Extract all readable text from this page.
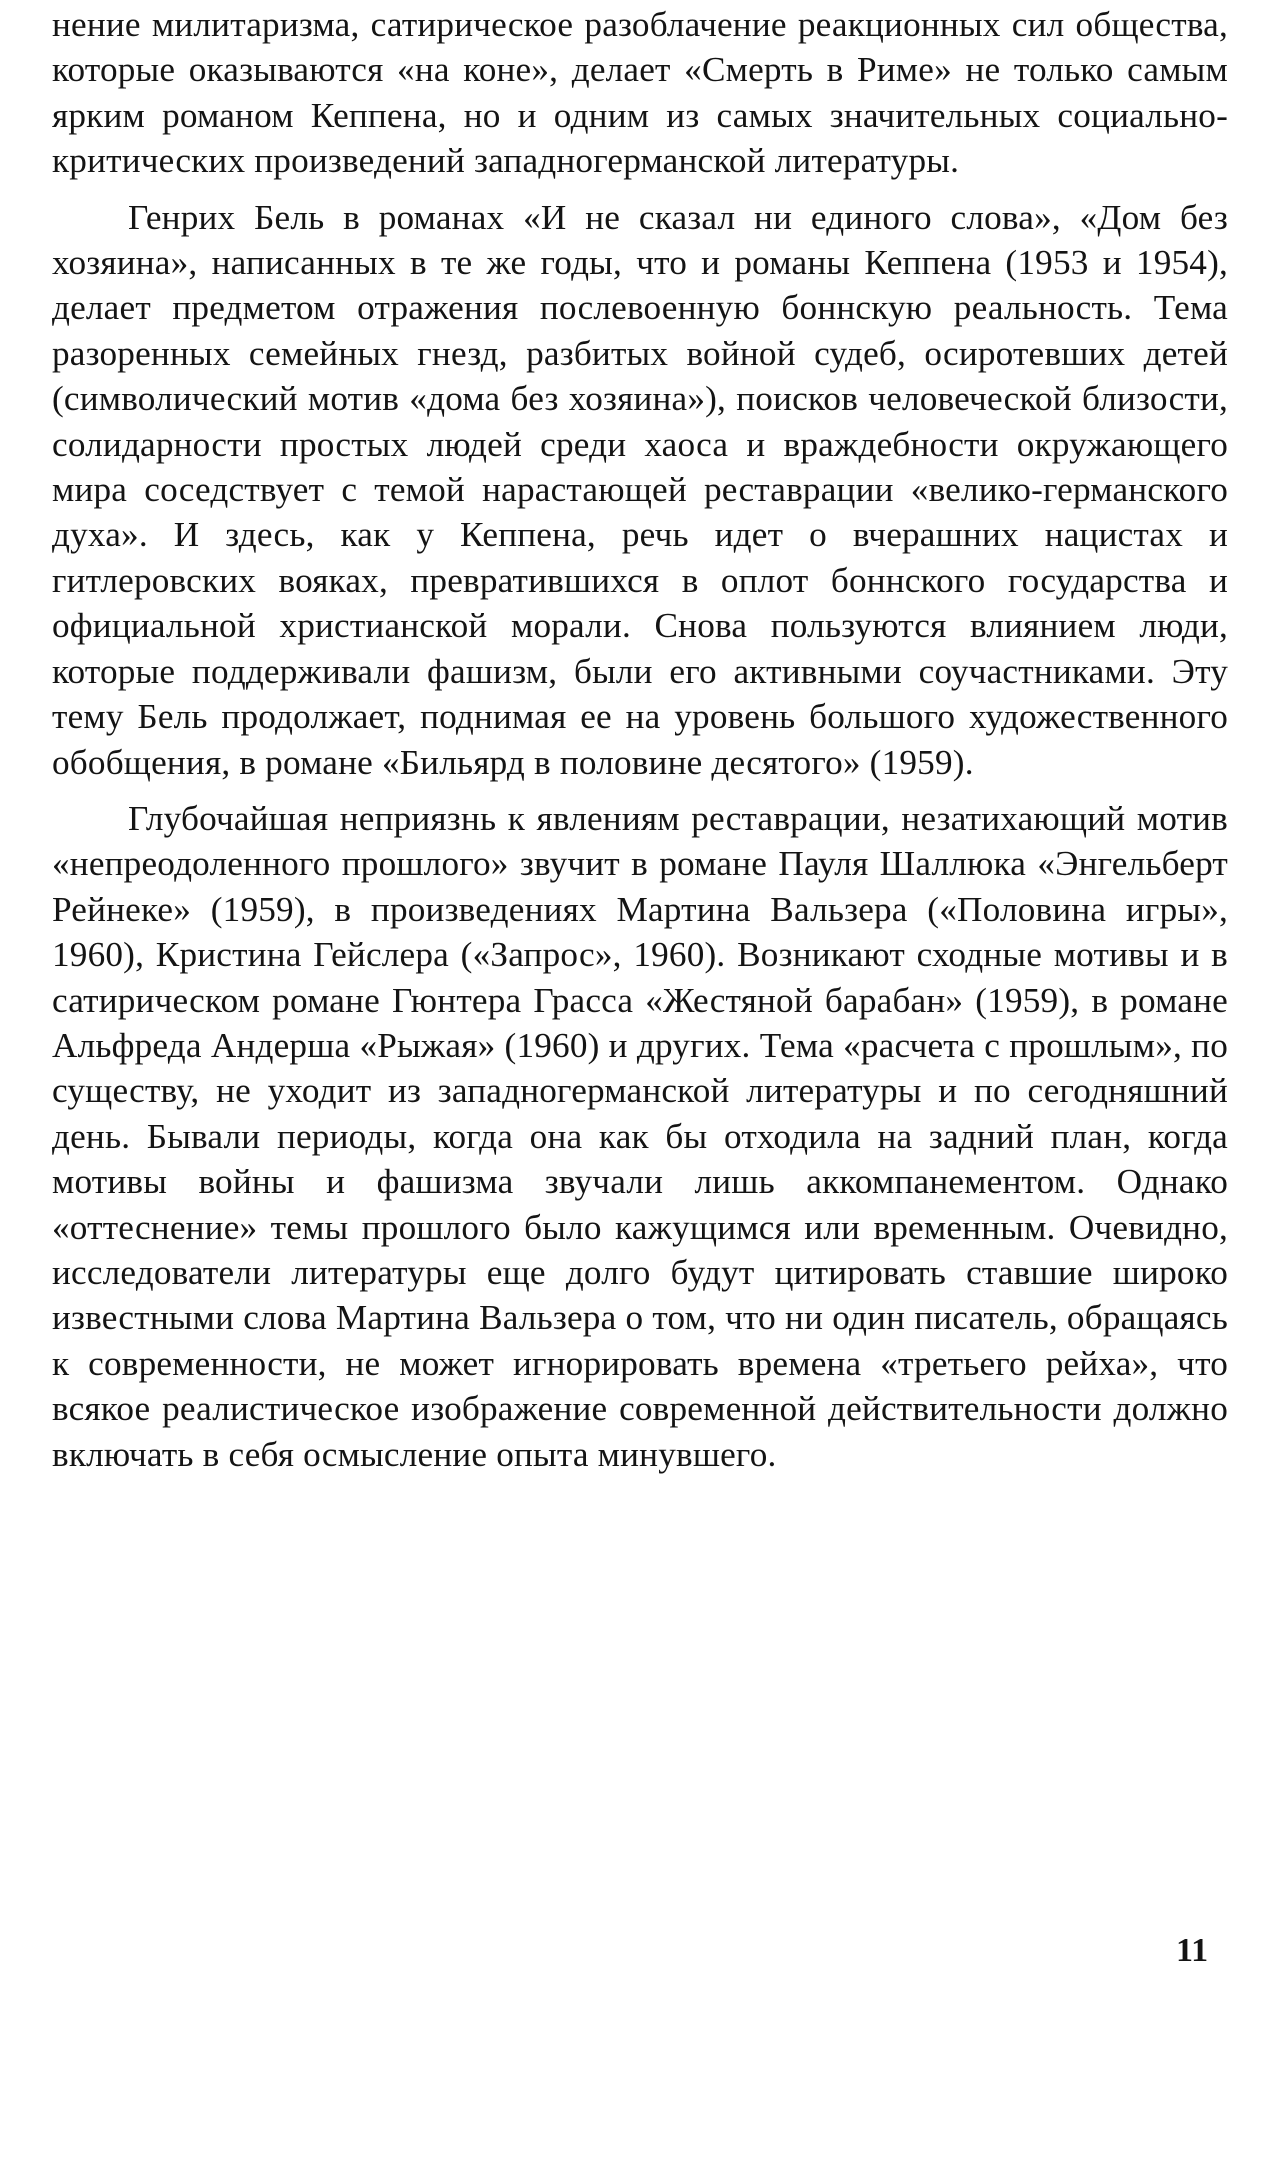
нение милитаризма, сатирическое разоблачение реакционных сил общества, которые оказываются «на коне», делает «Смерть в Риме» не только самым ярким романом Кеппена, но и одним из самых значительных социально-критических произведений западногерманской литературы.

Генрих Бель в романах «И не сказал ни единого слова», «Дом без хозяина», написанных в те же годы, что и романы Кеппена (1953 и 1954), делает предметом отражения послевоенную боннскую реальность. Тема разоренных семейных гнезд, разбитых войной судеб, осиротевших детей (символический мотив «дома без хозяина»), поисков человеческой близости, солидарности простых людей среди хаоса и враждебности окружающего мира соседствует с темой нарастающей реставрации «велико-германского духа». И здесь, как у Кеппена, речь идет о вчерашних нацистах и гитлеровских вояках, превратившихся в оплот боннского государства и официальной христианской морали. Снова пользуются влиянием люди, которые поддерживали фашизм, были его активными соучастниками. Эту тему Бель продолжает, поднимая ее на уровень большого художественного обобщения, в романе «Бильярд в половине десятого» (1959).

Глубочайшая неприязнь к явлениям реставрации, незатихающий мотив «непреодоленного прошлого» звучит в романе Пауля Шаллюка «Энгельберт Рейнеке» (1959), в произведениях Мартина Вальзера («Половина игры», 1960), Кристина Гейслера («Запрос», 1960). Возникают сходные мотивы и в сатирическом романе Гюнтера Грасса «Жестяной барабан» (1959), в романе Альфреда Андерша «Рыжая» (1960) и других. Тема «расчета с прошлым», по существу, не уходит из западногерманской литературы и по сегодняшний день. Бывали периоды, когда она как бы отходила на задний план, когда мотивы войны и фашизма звучали лишь аккомпанементом. Однако «оттеснение» темы прошлого было кажущимся или временным. Очевидно, исследователи литературы еще долго будут цитировать ставшие широко известными слова Мартина Вальзера о том, что ни один писатель, обращаясь к современности, не может игнорировать времена «третьего рейха», что всякое реалистическое изображение современной действительности должно включать в себя осмысление опыта минувшего.

11
